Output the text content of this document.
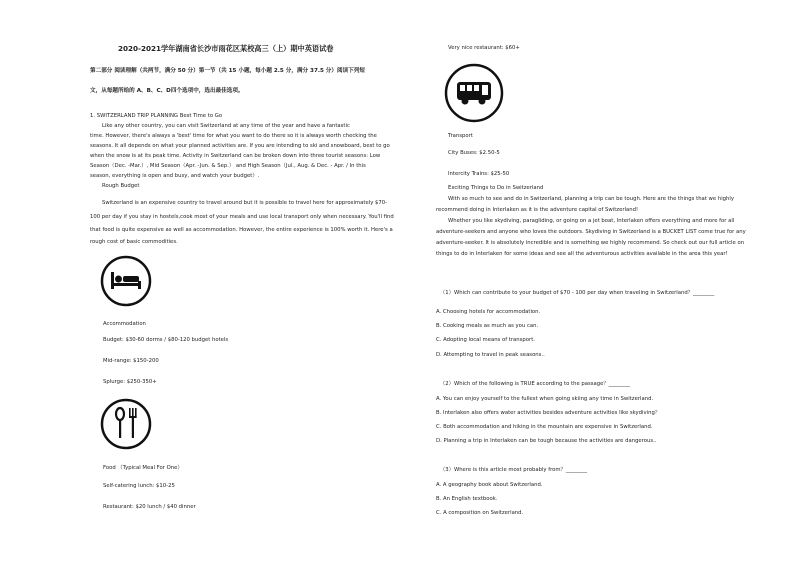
2020-2021学年湖南省长沙市雨花区某校高三（上）期中英语试卷
第二部分 阅读理解（共两节，满分 50 分）第一节（共 15 小题，每小题 2.5 分，满分 37.5 分）阅读下列短
文，从每题所给的 A、B、C、D四个选项中，选出最佳选项。
1. SWITZERLAND TRIP PLANNING Best Time to Go
Like any other country, you can visit Switzerland at any time of the year and have a fantastic
time. However, there's always a 'best' time for what you want to do there so it is always worth checking the
seasons. It all depends on what your planned activities are. If you are intending to ski and snowboard, best to go
when the snow is at its peak time. Activity in Switzerland can be broken down into three tourist seasons: Low
Season（Dec. -Mar.）, Mid Season（Apr. -Jun. & Sep.） and High Season（Jul., Aug. & Dec. - Apr. / In this
season, everything is open and busy, and watch your budget）.
Rough Budget
Switzerland is an expensive country to travel around but it is possible to travel here for approximately $70-
100 per day if you stay in hostels,cook most of your meals and use local transport only when necessary. You'll find
that food is quite expensive as well as accommodation. However, the entire experience is 100% worth it. Here's a
rough cost of basic commodities.
Accommodation
Budget: $30-60 dorms / $80-120 budget hotels
Mid-range: $150-200
Splurge: $250-350+
Food （Typical Meal For One）
Self-catering lunch: $10-25
Restaurant: $20 lunch / $40 dinner
Very nice restaurant: $60+
Transport
City Buses: $2.50-5
Intercity Trains: $25-50
Exciting Things to Do in Switzerland
With so much to see and do in Switzerland, planning a trip can be tough. Here are the things that we highly
recommend doing in Interlaken as it is the adventure capital of Switzerland!
Whether you like skydiving, paragliding, or going on a jet boat, Interlaken offers everything and more for all
adventure-seekers and anyone who loves the outdoors. Skydiving in Switzerland is a BUCKET LIST come true for any
adventure-seeker. It is absolutely incredible and is something we highly recommend. So check out our full article on
things to do in Interlaken for some ideas and see all the adventurous activities available in the area this year!
（1）Which can contribute to your budget of $70 - 100 per day when traveling in Switzerland？________
A. Choosing hotels for accommodation.
B. Cooking meals as much as you can.
C. Adopting local means of transport.
D. Attempting to travel in peak seasons..
（2）Which of the following is TRUE according to the passage？________
A. You can enjoy yourself to the fullest when going skiing any time in Switzerland.
B. Interlaken also offers water activities besides adventure activities like skydiving？
C. Both accommodation and hiking in the mountain are expensive in Switzerland.
D. Planning a trip in Interlaken can be tough because the activities are dangerous..
（3）Where is this article most probably from？________
A. A geography book about Switzerland.
B. An English textbook.
C. A composition on Switzerland.
